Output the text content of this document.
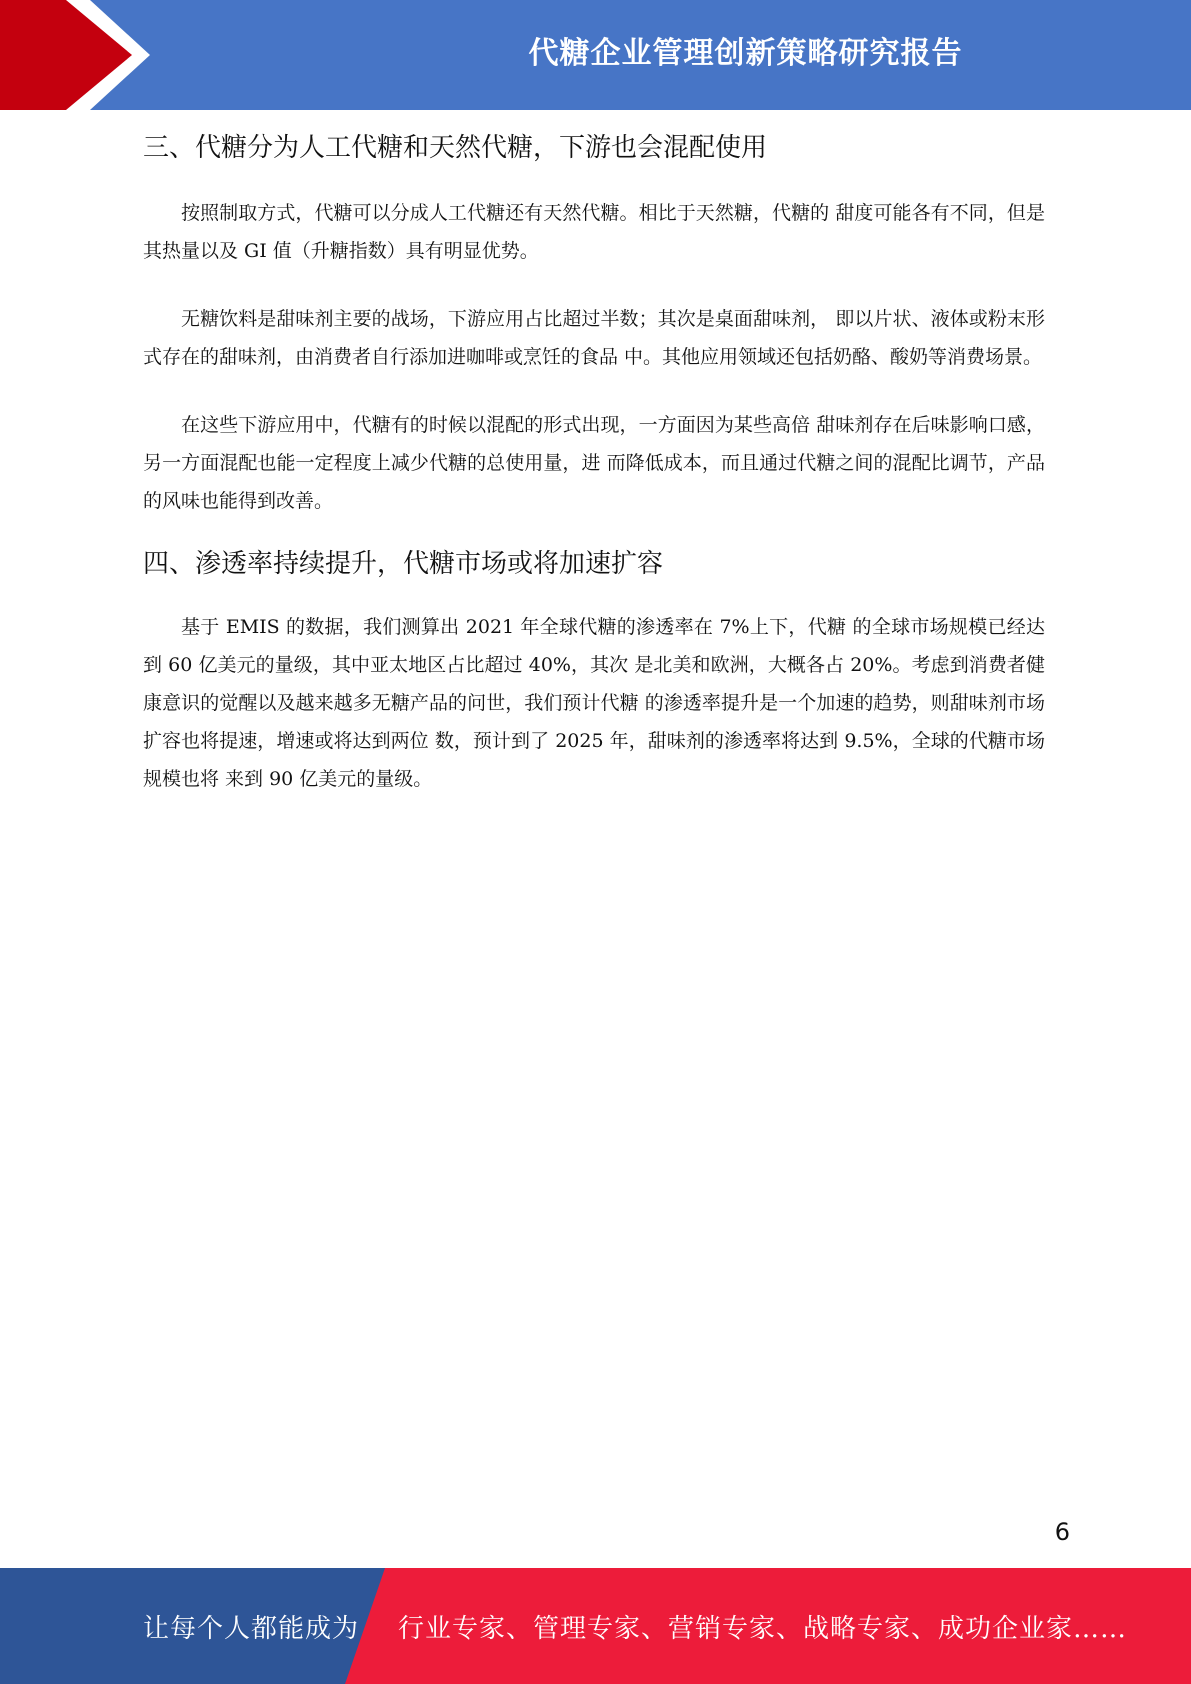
代糖企业管理创新策略研究报告
三、代糖分为人工代糖和天然代糖，下游也会混配使用

按照制取方式，代糖可以分成人工代糖还有天然代糖。相比于天然糖，代糖的 甜度可能各有不同，但是其热量以及 GI 值（升糖指数）具有明显优势。

无糖饮料是甜味剂主要的战场，下游应用占比超过半数；其次是桌面甜味剂， 即以片状、液体或粉末形式存在的甜味剂，由消费者自行添加进咖啡或烹饪的食品 中。其他应用领域还包括奶酪、酸奶等消费场景。

在这些下游应用中，代糖有的时候以混配的形式出现，一方面因为某些高倍 甜味剂存在后味影响口感，另一方面混配也能一定程度上减少代糖的总使用量，进 而降低成本，而且通过代糖之间的混配比调节，产品的风味也能得到改善。

四、渗透率持续提升，代糖市场或将加速扩容

基于 EMIS 的数据，我们测算出 2021 年全球代糖的渗透率在 7%上下，代糖 的全球市场规模已经达到 60 亿美元的量级，其中亚太地区占比超过 40%，其次 是北美和欧洲，大概各占 20%。考虑到消费者健康意识的觉醒以及越来越多无糖产品的问世，我们预计代糖 的渗透率提升是一个加速的趋势，则甜味剂市场扩容也将提速，增速或将达到两位 数，预计到了 2025 年，甜味剂的渗透率将达到 9.5%，全球的代糖市场规模也将 来到 90 亿美元的量级。

6
让每个人都能成为 行业专家、管理专家、营销专家、战略专家、成功企业家……
